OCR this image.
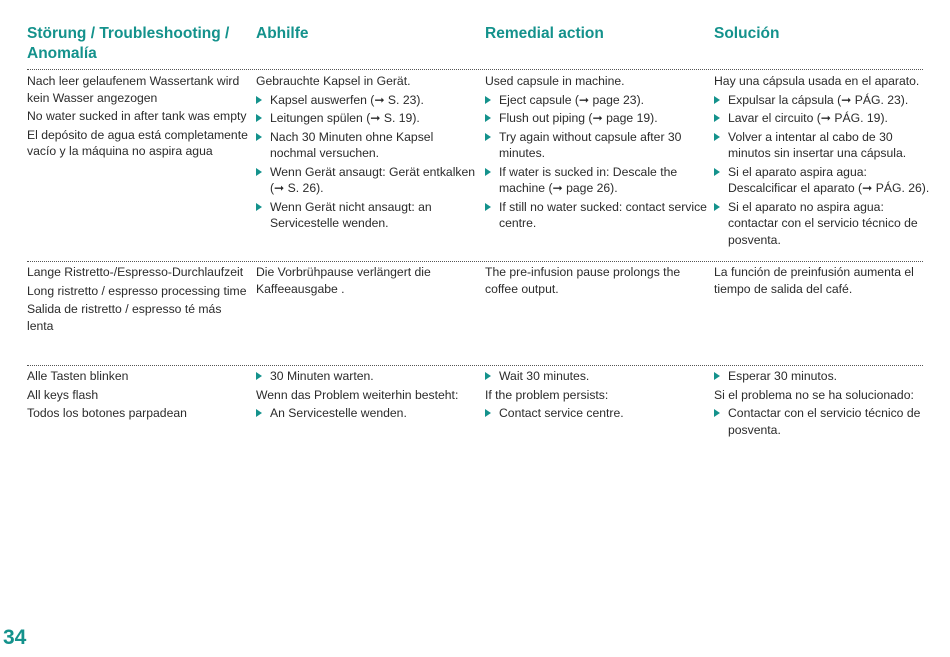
Störung / Troubleshooting / Anomalía
Nach leer gelaufenem Wassertank wird kein Wasser angezogen
No water sucked in after tank was empty
El depósito de agua está completamente vacío y la máquina no aspira agua
Lange Ristretto-/Espresso-Durchlaufzeit
Long ristretto / espresso processing time
Salida de ristretto / espresso té más lenta
Alle Tasten blinken
All keys flash
Todos los botones parpadean
Abhilfe
Gebrauchte Kapsel in Gerät.
Kapsel auswerfen (➞ S. 23).
Leitungen spülen (➞ S. 19).
Nach 30 Minuten ohne Kapsel nochmal versuchen.
Wenn Gerät ansaugt: Gerät entkalken (➞ S. 26).
Wenn Gerät nicht ansaugt: an Servicestelle wenden.
Die Vorbrühpause verlängert die Kaffeeausgabe .
30 Minuten warten.
Wenn das Problem weiterhin besteht:
An Servicestelle wenden.
Remedial action
Used capsule in machine.
Eject capsule (➞ page 23).
Flush out piping (➞ page 19).
Try again without capsule after 30 minutes.
If water is sucked in: Descale the machine (➞ page 26).
If still no water sucked: contact service centre.
The pre-infusion pause prolongs the coffee output.
Wait 30 minutes.
If the problem persists:
Contact service centre.
Solución
Hay una cápsula usada en el aparato.
Expulsar la cápsula (➞ PÁG. 23).
Lavar el circuito (➞ PÁG. 19).
Volver a intentar al cabo de 30 minutos sin insertar una cápsula.
Si el aparato aspira agua: Descalcificar el aparato (➞ PÁG. 26).
Si el aparato no aspira agua: contactar con el servicio técnico de posventa.
La función de preinfusión aumenta el tiempo de salida del café.
Esperar 30 minutos.
Si el problema no se ha solucionado:
Contactar con el servicio técnico de posventa.
34
